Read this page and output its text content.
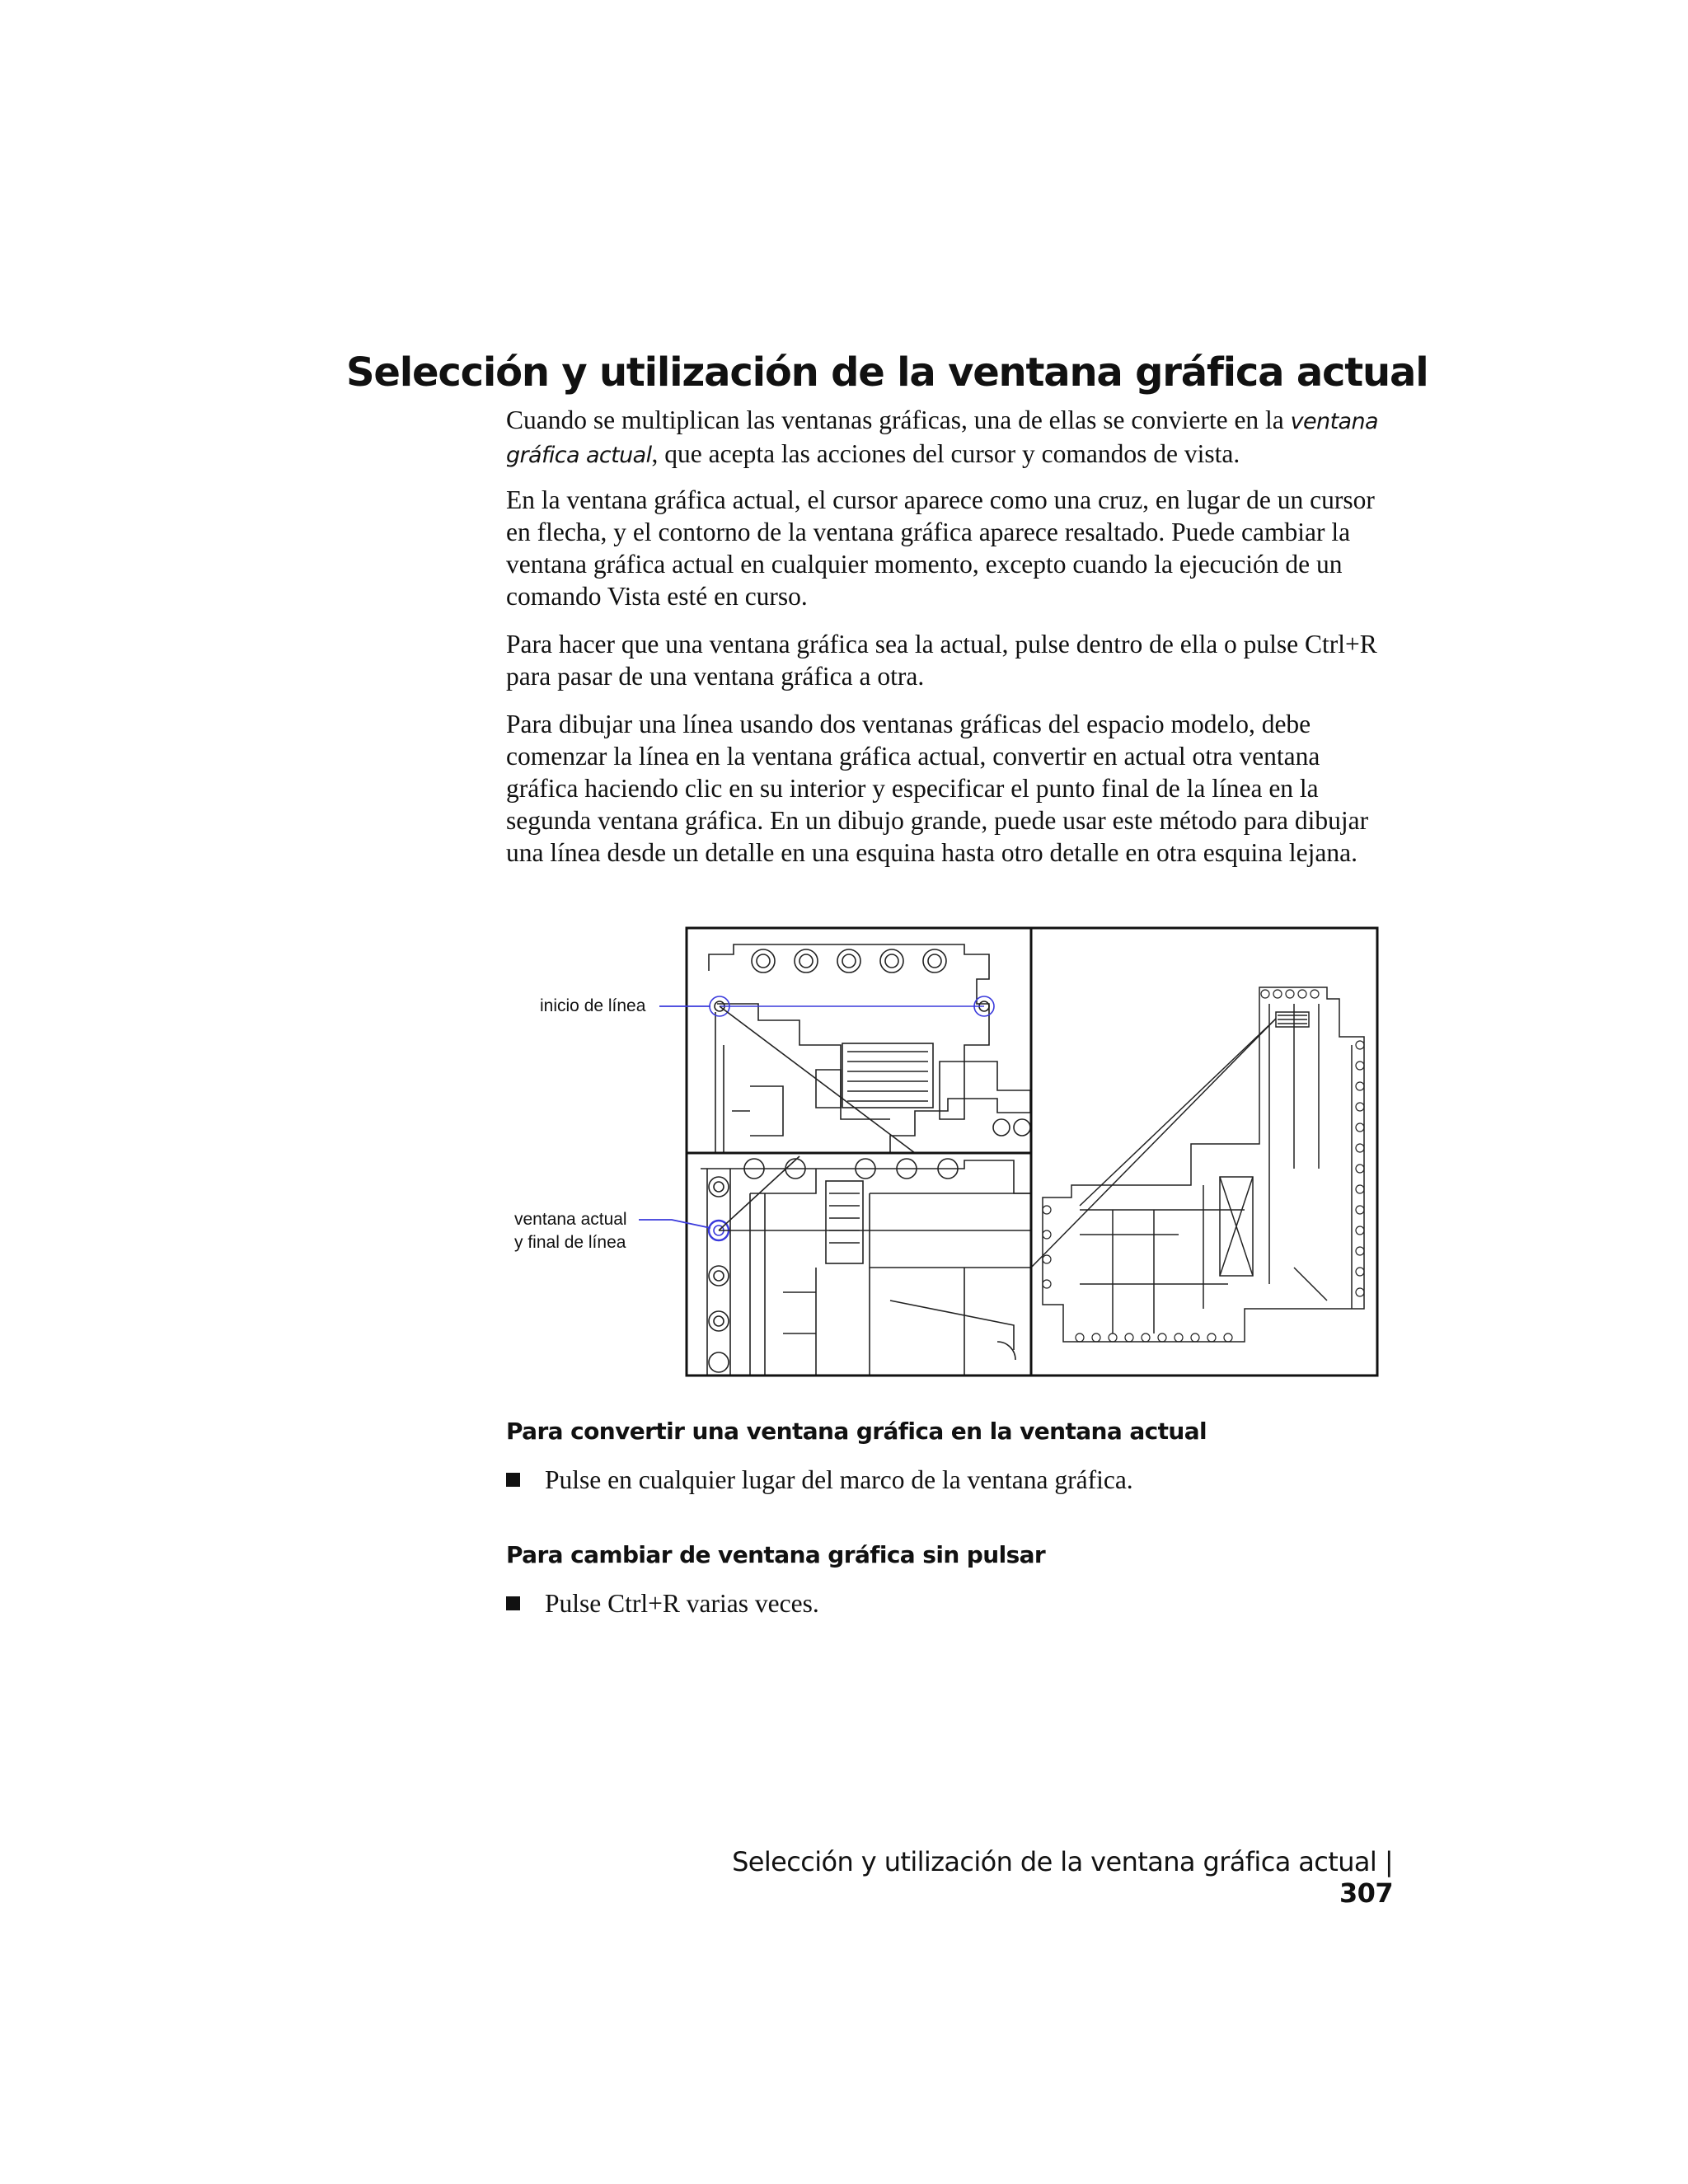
Selección y utilización de la ventana gráfica actual

Cuando se multiplican las ventanas gráficas, una de ellas se convierte en la ventana gráfica actual, que acepta las acciones del cursor y comandos de vista.

En la ventana gráfica actual, el cursor aparece como una cruz, en lugar de un cursor en flecha, y el contorno de la ventana gráfica aparece resaltado. Puede cambiar la ventana gráfica actual en cualquier momento, excepto cuando la ejecución de un comando Vista esté en curso.

Para hacer que una ventana gráfica sea la actual, pulse dentro de ella o pulse Ctrl+R para pasar de una ventana gráfica a otra.

Para dibujar una línea usando dos ventanas gráficas del espacio modelo, debe comenzar la línea en la ventana gráfica actual, convertir en actual otra ventana gráfica haciendo clic en su interior y especificar el punto final de la línea en la segunda ventana gráfica. En un dibujo grande, puede usar este método para dibujar una línea desde un detalle en una esquina hasta otro detalle en otra esquina lejana.

inicio de línea
ventana actual
y final de línea
Para convertir una ventana gráfica en la ventana actual
Pulse en cualquier lugar del marco de la ventana gráfica.
Para cambiar de ventana gráfica sin pulsar
Pulse Ctrl+R varias veces.
Selección y utilización de la ventana gráfica actual | 307
